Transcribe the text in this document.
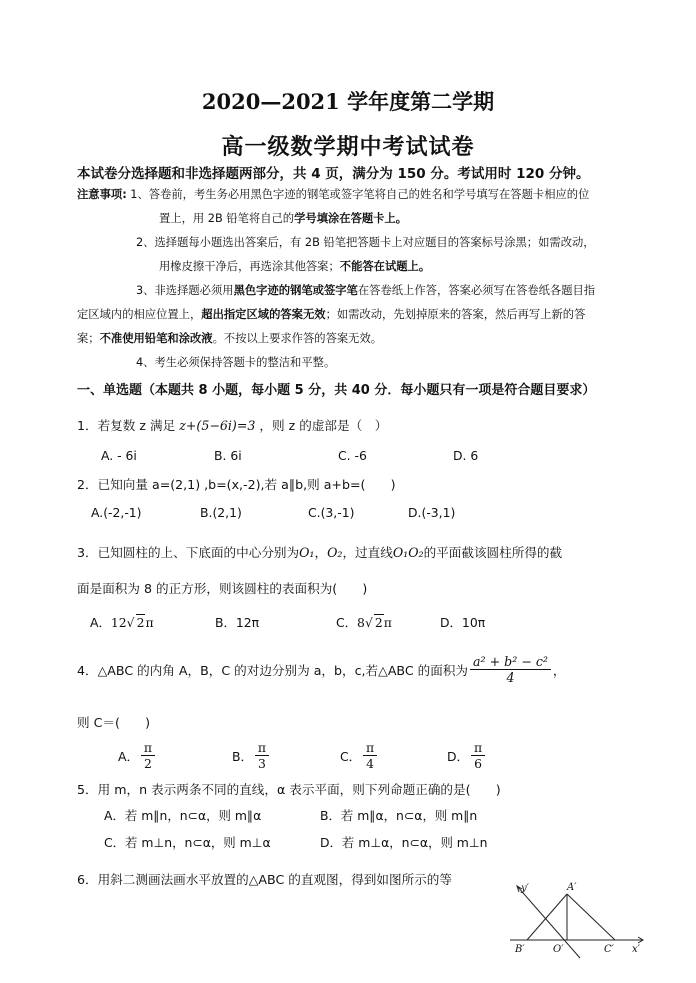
2020—2021 学年度第二学期
高一级数学期中考试试卷
本试卷分选择题和非选择题两部分，共 4 页，满分为 150 分。考试用时 120 分钟。
注意事项: 1、答卷前，考生务必用黑色字迹的钢笔或签字笔将自己的姓名和学号填写在答题卡相应的位
置上，用 2B 铅笔将自己的学号填涂在答题卡上。
2、选择题每小题选出答案后，有 2B 铅笔把答题卡上对应题目的答案标号涂黑；如需改动，
用橡皮擦干净后，再选涂其他答案；不能答在试题上。
3、非选择题必须用黑色字迹的钢笔或签字笔在答卷纸上作答，答案必须写在答卷纸各题目指
定区域内的相应位置上，超出指定区域的答案无效；如需改动，先划掉原来的答案，然后再写上新的答
案；不准使用铅笔和涂改液。不按以上要求作答的答案无效。
4、考生必须保持答题卡的整洁和平整。
一、单选题（本题共 8 小题，每小题 5 分，共 40 分．每小题只有一项是符合题目要求）
1．若复数 z 满足 z+(5−6i)=3 ，则 z 的虚部是（　）
A. - 6i	B. 6i	C. -6	D. 6
2．已知向量 a=(2,1) ,b=(x,-2),若 a∥b,则 a+b=(　　)
A.(-2,-1)	B.(2,1)	C.(3,-1)	D.(-3,1)
3．已知圆柱的上、下底面的中心分别为O₁，O₂，过直线O₁O₂的平面截该圆柱所得的截
面是面积为 8 的正方形，则该圆柱的表面积为(　　)
A．12√ 2π	B．12π	C．8√ 2π	D．10π
4．△ABC 的内角 A，B，C 的对边分别为 a，b，c,若△ABC 的面积为 $\frac{\text{a² + b² − c²}}{4}$ ，
则 C＝(　　)
A． $\frac{\pi}{2}$	B． $\frac{\pi}{3}$	C． $\frac{\pi}{4}$	D． $\frac{\pi}{6}$
5．用 m，n 表示两条不同的直线，α 表示平面，则下列命题正确的是(　　)
A．若 m∥n，n⊂α，则 m∥α	B．若 m∥α，n⊂α，则 m∥n
C．若 m⊥n，n⊂α，则 m⊥α	D．若 m⊥α，n⊂α，则 m⊥n
6．用斜二测画法画水平放置的△ABC 的直观图，得到如图所示的等
y′	A′
B′	O′	C′ x′
